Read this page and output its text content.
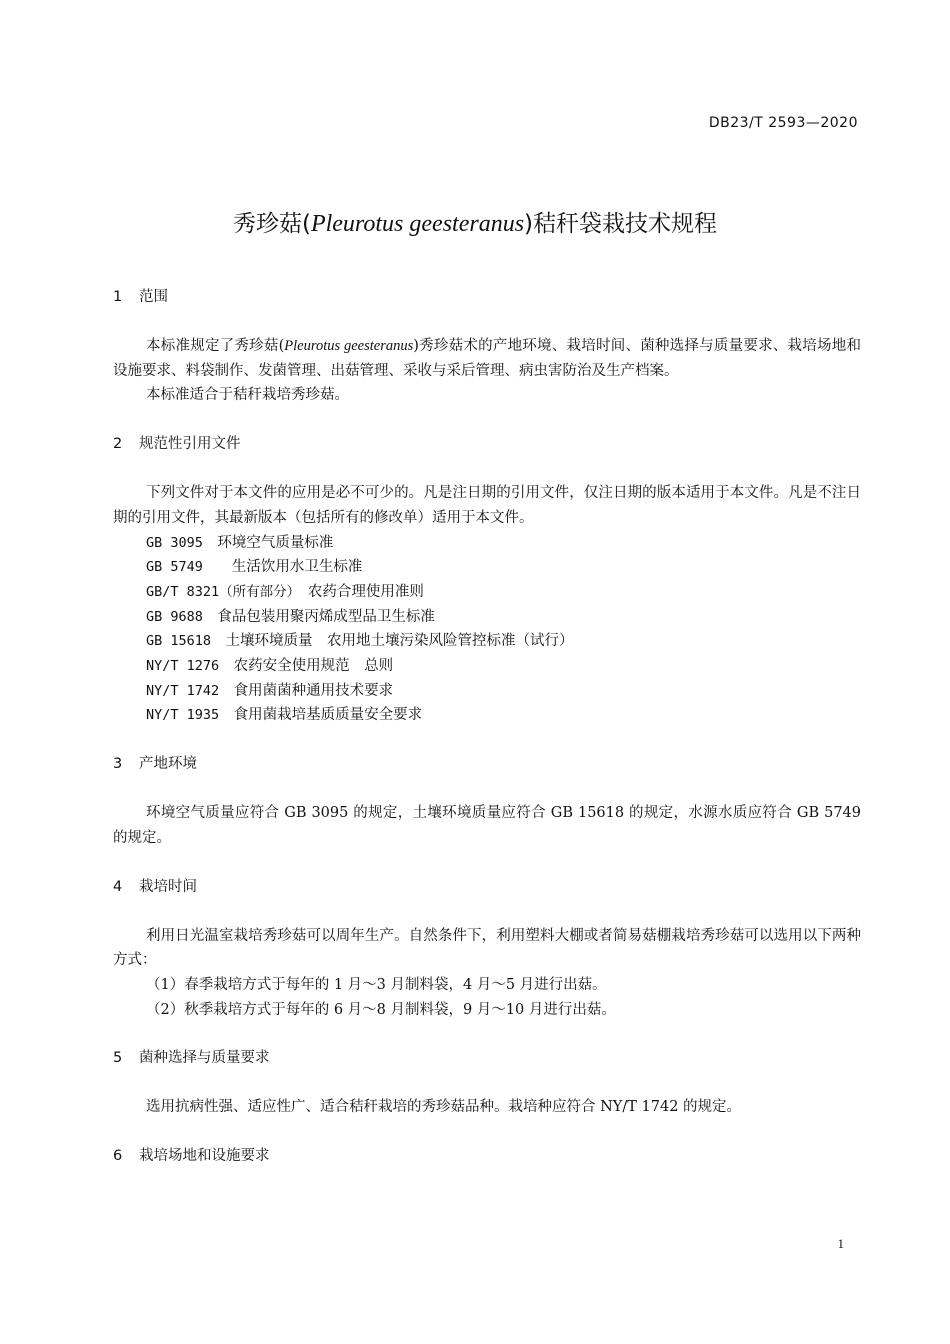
DB23/T 2593—2020
秀珍菇(Pleurotus geesteranus)秸秆袋栽技术规程
1 范围

本标准规定了秀珍菇(Pleurotus geesteranus)秀珍菇术的产地环境、栽培时间、菌种选择与质量要求、栽培场地和设施要求、料袋制作、发菌管理、出菇管理、采收与采后管理、病虫害防治及生产档案。

本标准适合于秸秆栽培秀珍菇。

2 规范性引用文件

下列文件对于本文件的应用是必不可少的。凡是注日期的引用文件，仅注日期的版本适用于本文件。凡是不注日期的引用文件，其最新版本（包括所有的修改单）适用于本文件。

GB 3095　 环境空气质量标准
GB 5749　　 生活饮用水卫生标准
GB/T 8321（所有部分）　 农药合理使用准则
GB 9688　 食品包装用聚丙烯成型品卫生标准
GB 15618　 土壤环境质量　农用地土壤污染风险管控标准（试行）
NY/T 1276　 农药安全使用规范　总则
NY/T 1742　 食用菌菌种通用技术要求
NY/T 1935　 食用菌栽培基质质量安全要求
3 产地环境

环境空气质量应符合 GB 3095 的规定，土壤环境质量应符合 GB 15618 的规定，水源水质应符合 GB 5749 的规定。

4 栽培时间

利用日光温室栽培秀珍菇可以周年生产。自然条件下，利用塑料大棚或者简易菇棚栽培秀珍菇可以选用以下两种方式：

（1）春季栽培方式于每年的 1 月～3 月制料袋，4 月～5 月进行出菇。

（2）秋季栽培方式于每年的 6 月～8 月制料袋，9 月～10 月进行出菇。

5 菌种选择与质量要求

选用抗病性强、适应性广、适合秸秆栽培的秀珍菇品种。栽培种应符合 NY/T 1742 的规定。

6 栽培场地和设施要求
1
